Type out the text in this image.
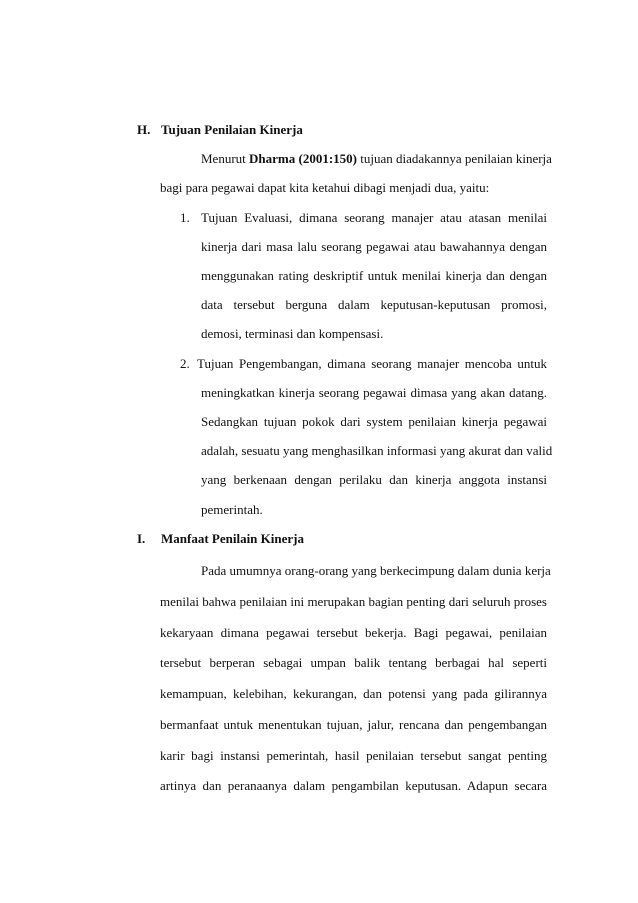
H. Tujuan Penilaian Kinerja
Menurut Dharma (2001:150) tujuan diadakannya penilaian kinerja
bagi para pegawai dapat kita ketahui dibagi menjadi dua, yaitu:
1. Tujuan Evaluasi, dimana seorang manajer atau atasan menilai
kinerja dari masa lalu seorang pegawai atau bawahannya dengan
menggunakan rating deskriptif untuk menilai kinerja dan dengan
data tersebut berguna dalam keputusan-keputusan promosi,
demosi, terminasi dan kompensasi.
2. Tujuan Pengembangan, dimana seorang manajer mencoba untuk
meningkatkan kinerja seorang pegawai dimasa yang akan datang.
Sedangkan tujuan pokok dari system penilaian kinerja pegawai
adalah, sesuatu yang menghasilkan informasi yang akurat dan valid
yang berkenaan dengan perilaku dan kinerja anggota instansi
pemerintah.
I. Manfaat Penilain Kinerja
Pada umumnya orang-orang yang berkecimpung dalam dunia kerja
menilai bahwa penilaian ini merupakan bagian penting dari seluruh proses
kekaryaan dimana pegawai tersebut bekerja. Bagi pegawai, penilaian
tersebut berperan sebagai umpan balik tentang berbagai hal seperti
kemampuan, kelebihan, kekurangan, dan potensi yang pada gilirannya
bermanfaat untuk menentukan tujuan, jalur, rencana dan pengembangan
karir bagi instansi pemerintah, hasil penilaian tersebut sangat penting
artinya dan peranaanya dalam pengambilan keputusan. Adapun secara
